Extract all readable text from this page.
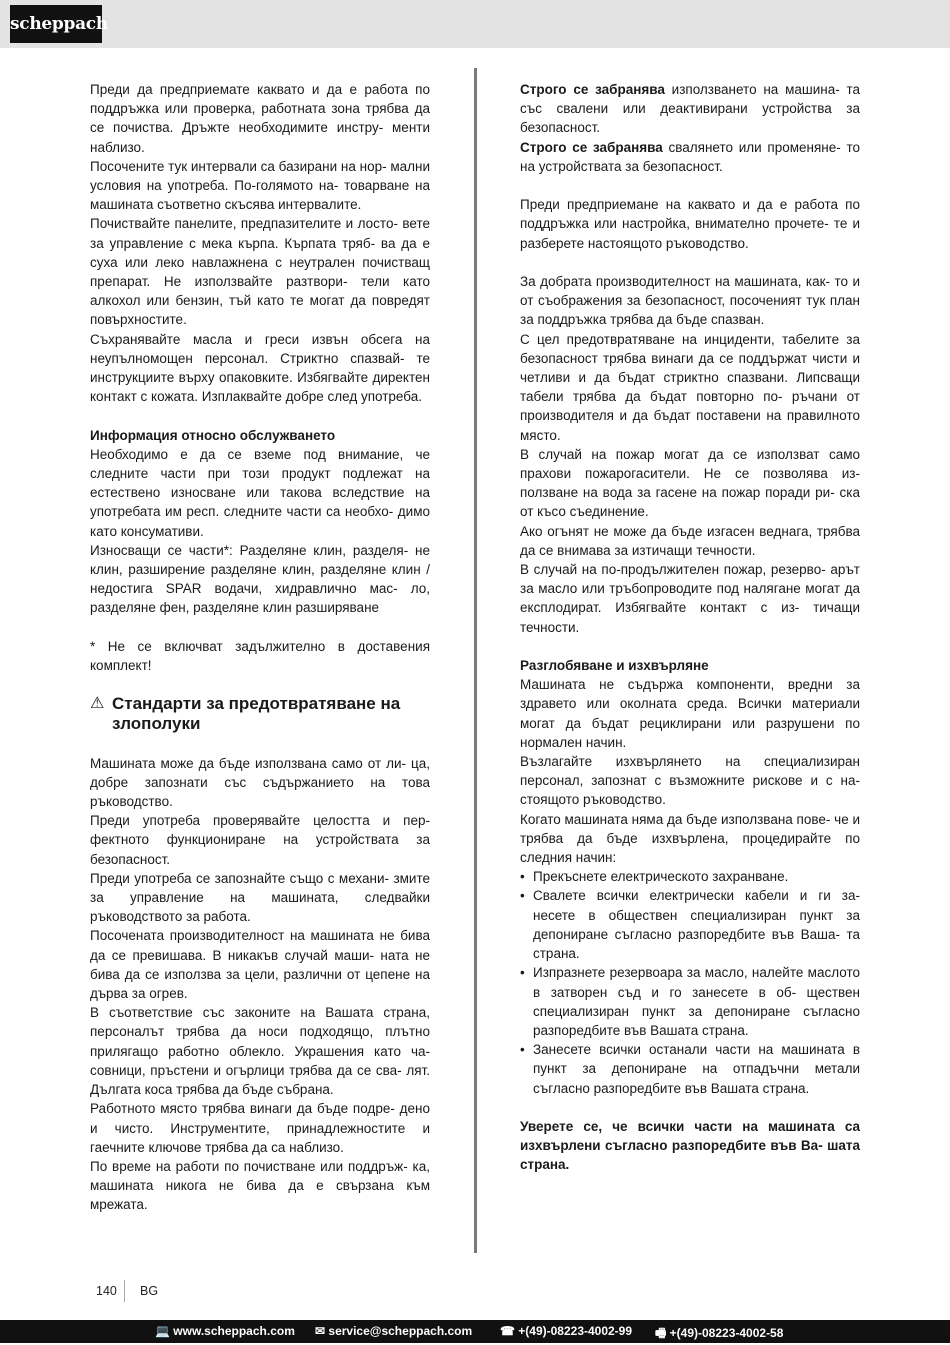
scheppach

Преди да предприемате каквато и да е работа по поддръжка или проверка, работната зона трябва да се почиства. Дръжте необходимите инстру- менти наблизо.

Посочените тук интервали са базирани на нор- мални условия на употреба. По-голямото на- товарване на машината съответно скъсява интервалите.

Почиствайте панелите, предпазителите и лосто- вете за управление с мека кърпа. Кърпата тряб- ва да е суха или леко навлажнена с неутрален почистващ препарат. Не използвайте разтвори- тели като алкохол или бензин, тъй като те могат да повредят повърхностите.

Съхранявайте масла и греси извън обсега на неупълномощен персонал. Стриктно спазвай- те инструкциите върху опаковките. Избягвайте директен контакт с кожата. Изплаквайте добре след употреба.

Информация относно обслужването

Необходимо е да се вземе под внимание, че следните части при този продукт подлежат на естествено износване или такова вследствие на употребата им респ. следните части са необхо- димо като консумативи.

Износващи се части*: Разделяне клин, разделя- не клин, разширение разделяне клин, разделяне клин / недостига SPAR водачи, хидравлично мас- ло, разделяне фен, разделяне клин разширяване

* Не се включват задължително в доставения комплект!

⚠ Стандарти за предотвратяване на злополуки

Машината може да бъде използвана само от ли- ца, добре запознати със съдържанието на това ръководство.

Преди употреба проверявайте целостта и пер- фектното функциониране на устройствата за безопасност.

Преди употреба се запознайте също с механи- змите за управление на машината, следвайки ръководството за работа.

Посочената производителност на машината не бива да се превишава. В никакъв случай маши- ната не бива да се използва за цели, различни от цепене на дърва за огрев.

В съответствие със законите на Вашата страна, персоналът трябва да носи подходящо, плътно прилягащо работно облекло. Украшения като ча- совници, пръстени и огърлици трябва да се сва- лят. Дългата коса трябва да бъде събрана.

Работното място трябва винаги да бъде подре- дено и чисто. Инструментите, принадлежностите и гаечните ключове трябва да са наблизо.

По време на работи по почистване или поддръж- ка, машината никога не бива да е свързана към мрежата.

Строго се забранява използването на машина- та със свалени или деактивирани устройства за безопасност.

Строго се забранява свалянето или променяне- то на устройствата за безопасност.

Преди предприемане на каквато и да е работа по поддръжка или настройка, внимателно прочете- те и разберете настоящото ръководство.

За добрата производителност на машината, как- то и от съображения за безопасност, посоченият тук план за поддръжка трябва да бъде спазван.

С цел предотвратяване на инциденти, табелите за безопасност трябва винаги да се поддържат чисти и четливи и да бъдат стриктно спазвани. Липсващи табели трябва да бъдат повторно по- ръчани от производителя и да бъдат поставени на правилното място.

В случай на пожар могат да се използват само прахови пожарогасители. Не се позволява из- ползване на вода за гасене на пожар поради ри- ска от късо съединение.

Ако огънят не може да бъде изгасен веднага, трябва да се внимава за изтичащи течности.

В случай на по-продължителен пожар, резерво- арът за масло или тръбопроводите под налягане могат да експлодират. Избягвайте контакт с из- тичащи течности.

Разглобяване и изхвърляне

Машината не съдържа компоненти, вредни за здравето или околната среда. Всички материали могат да бъдат рециклирани или разрушени по нормален начин.

Възлагайте изхвърлянето на специализиран персонал, запознат с възможните рискове и с на- стоящото ръководство.

Когато машината няма да бъде използвана пове- че и трябва да бъде изхвърлена, процедирайте по следния начин:

• Прекъснете електрическото захранване.
• Свалете всички електрически кабели и ги за- несете в обществен специализиран пункт за депониране съгласно разпоредбите във Ваша- та страна.
• Изпразнете резервоара за масло, налейте маслото в затворен съд и го занесете в об- ществен специализиран пункт за депониране съгласно разпоредбите във Вашата страна.
• Занесете всички останали части на машината в пункт за депониране на отпадъчни метали съгласно разпоредбите във Вашата страна.

Уверете се, че всички части на машината са изхвърлени съгласно разпоредбите във Ва- шата страна.

140 BG
💻 www.scheppach.com ✉ service@scheppach.com ☎ +(49)-08223-4002-99 🖷 +(49)-08223-4002-58
